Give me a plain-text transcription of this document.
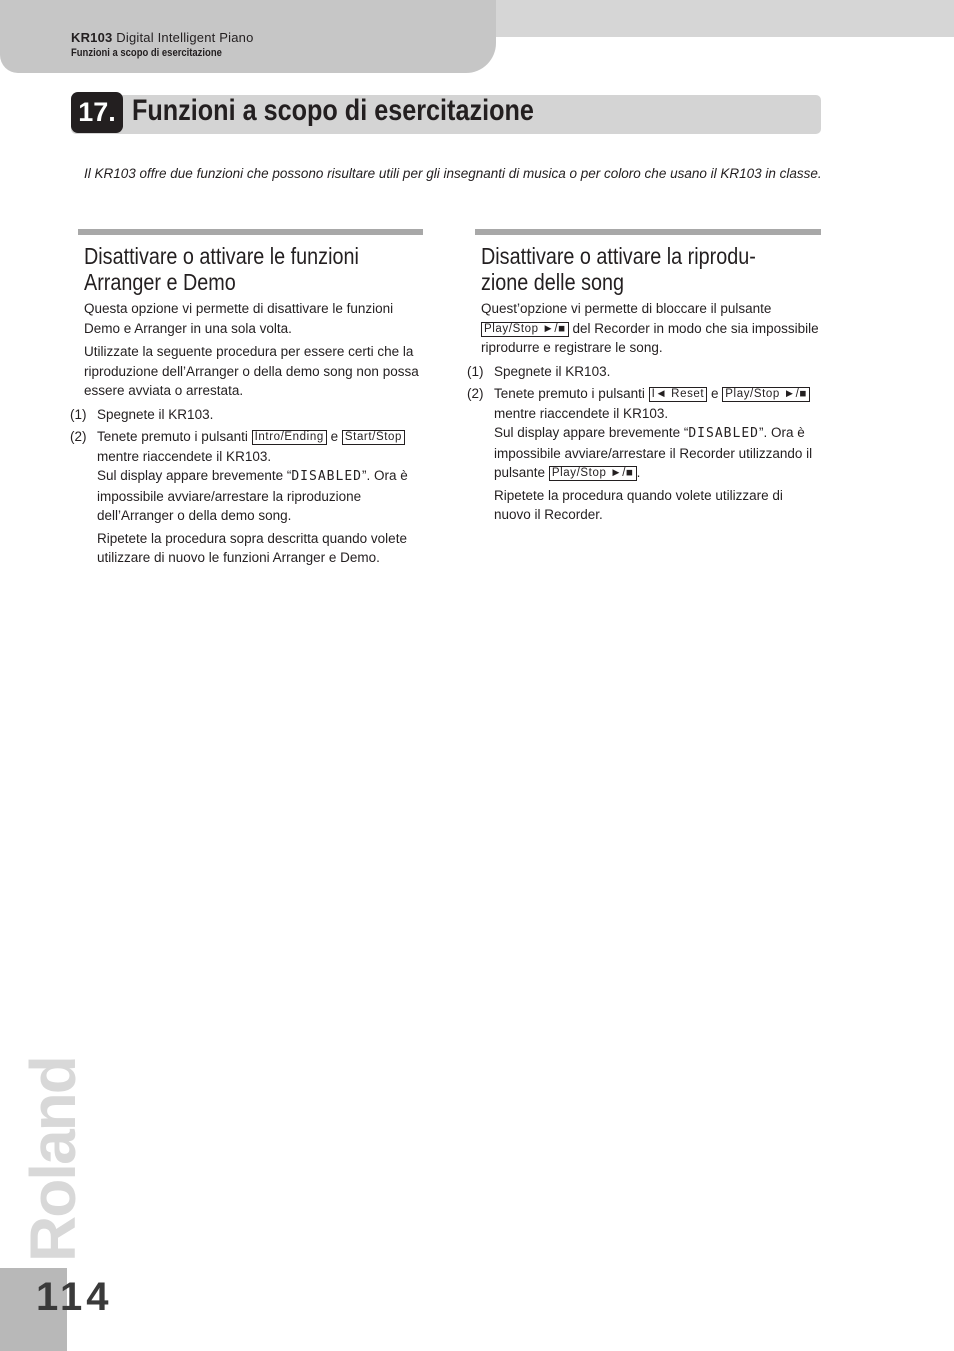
KR103 Digital Intelligent Piano
Funzioni a scopo di esercitazione
17. Funzioni a scopo di esercitazione
Il KR103 offre due funzioni che possono risultare utili per gli insegnanti di musica o per coloro che usano il KR103 in classe.
Disattivare o attivare le funzioni
Arranger e Demo
Questa opzione vi permette di disattivare le funzioni Demo e Arranger in una sola volta.
Utilizzate la seguente procedura per essere certi che la riproduzione dell’Arranger o della demo song non possa essere avviata o arrestata.
(1) Spegnete il KR103.
(2) Tenete premuto i pulsanti Intro/Ending e Start/Stop mentre riaccendete il KR103.
Sul display appare brevemente “DISABLED”. Ora è impossibile avviare/arrestare la riproduzione dell’Arranger o della demo song.
Ripetete la procedura sopra descritta quando volete utilizzare di nuovo le funzioni Arranger e Demo.
Disattivare o attivare la riprodu-
zione delle song
Quest’opzione vi permette di bloccare il pulsante Play/Stop ►/■ del Recorder in modo che sia impossibile riprodurre e registrare le song.
(1) Spegnete il KR103.
(2) Tenete premuto i pulsanti I◄ Reset e Play/Stop ►/■ mentre riaccendete il KR103.
Sul display appare brevemente “DISABLED”. Ora è impossibile avviare/arrestare il Recorder utilizzando il pulsante Play/Stop ►/■ .
Ripetete la procedura quando volete utilizzare di nuovo il Recorder.
Roland
114
